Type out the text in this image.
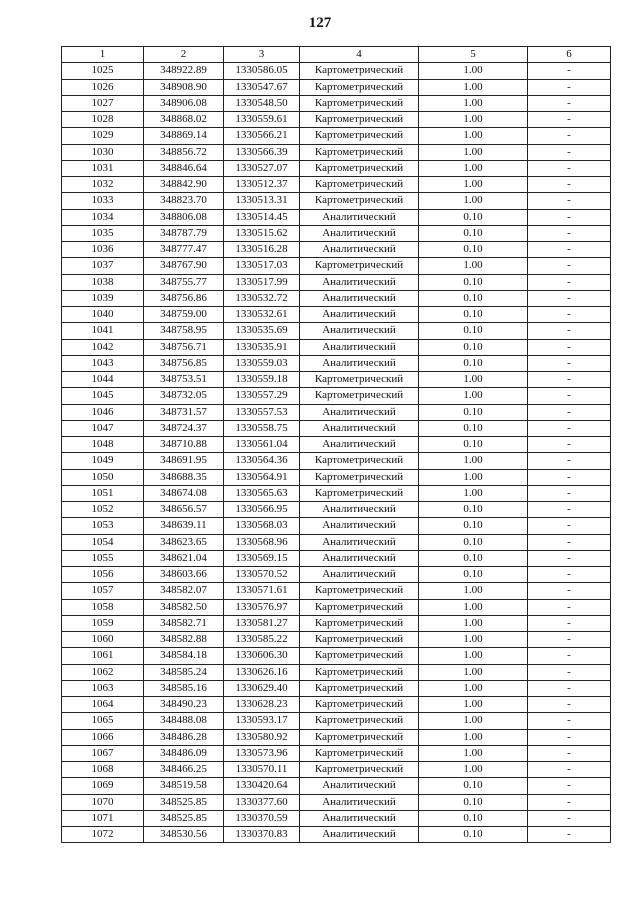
127
1	2	3	4	5	6
1025	348922.89	1330586.05	Картометрический	1.00	-
1026	348908.90	1330547.67	Картометрический	1.00	-
1027	348906.08	1330548.50	Картометрический	1.00	-
1028	348868.02	1330559.61	Картометрический	1.00	-
1029	348869.14	1330566.21	Картометрический	1.00	-
1030	348856.72	1330566.39	Картометрический	1.00	-
1031	348846.64	1330527.07	Картометрический	1.00	-
1032	348842.90	1330512.37	Картометрический	1.00	-
1033	348823.70	1330513.31	Картометрический	1.00	-
1034	348806.08	1330514.45	Аналитический	0.10	-
1035	348787.79	1330515.62	Аналитический	0.10	-
1036	348777.47	1330516.28	Аналитический	0.10	-
1037	348767.90	1330517.03	Картометрический	1.00	-
1038	348755.77	1330517.99	Аналитический	0.10	-
1039	348756.86	1330532.72	Аналитический	0.10	-
1040	348759.00	1330532.61	Аналитический	0.10	-
1041	348758.95	1330535.69	Аналитический	0.10	-
1042	348756.71	1330535.91	Аналитический	0.10	-
1043	348756.85	1330559.03	Аналитический	0.10	-
1044	348753.51	1330559.18	Картометрический	1.00	-
1045	348732.05	1330557.29	Картометрический	1.00	-
1046	348731.57	1330557.53	Аналитический	0.10	-
1047	348724.37	1330558.75	Аналитический	0.10	-
1048	348710.88	1330561.04	Аналитический	0.10	-
1049	348691.95	1330564.36	Картометрический	1.00	-
1050	348688.35	1330564.91	Картометрический	1.00	-
1051	348674.08	1330565.63	Картометрический	1.00	-
1052	348656.57	1330566.95	Аналитический	0.10	-
1053	348639.11	1330568.03	Аналитический	0.10	-
1054	348623.65	1330568.96	Аналитический	0.10	-
1055	348621.04	1330569.15	Аналитический	0.10	-
1056	348603.66	1330570.52	Аналитический	0.10	-
1057	348582.07	1330571.61	Картометрический	1.00	-
1058	348582.50	1330576.97	Картометрический	1.00	-
1059	348582.71	1330581.27	Картометрический	1.00	-
1060	348582.88	1330585.22	Картометрический	1.00	-
1061	348584.18	1330606.30	Картометрический	1.00	-
1062	348585.24	1330626.16	Картометрический	1.00	-
1063	348585.16	1330629.40	Картометрический	1.00	-
1064	348490.23	1330628.23	Картометрический	1.00	-
1065	348488.08	1330593.17	Картометрический	1.00	-
1066	348486.28	1330580.92	Картометрический	1.00	-
1067	348486.09	1330573.96	Картометрический	1.00	-
1068	348466.25	1330570.11	Картометрический	1.00	-
1069	348519.58	1330420.64	Аналитический	0.10	-
1070	348525.85	1330377.60	Аналитический	0.10	-
1071	348525.85	1330370.59	Аналитический	0.10	-
1072	348530.56	1330370.83	Аналитический	0.10	-
